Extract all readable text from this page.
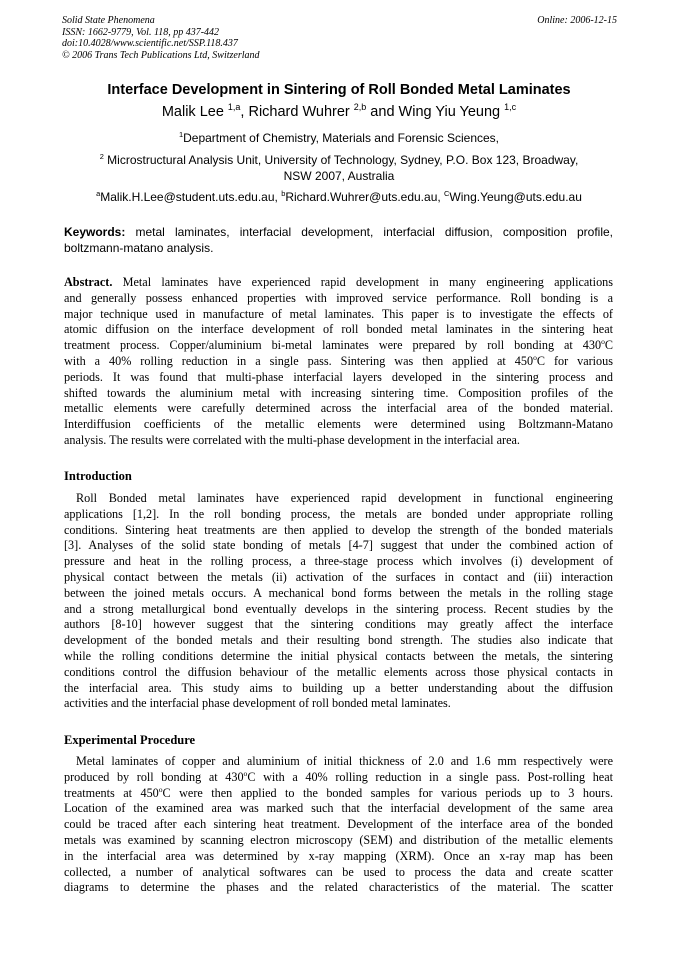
Solid State Phenomena
ISSN: 1662-9779, Vol. 118, pp 437-442
doi:10.4028/www.scientific.net/SSP.118.437
© 2006 Trans Tech Publications Ltd, Switzerland
Online: 2006-12-15
Interface Development in Sintering of Roll Bonded Metal Laminates
Malik Lee $^{1,a}$, Richard Wuhrer $^{2,b}$ and Wing Yiu Yeung $^{1,c}$
$^1$Department of Chemistry, Materials and Forensic Sciences,
$^2$ Microstructural Analysis Unit, University of Technology, Sydney, P.O. Box 123, Broadway,
NSW 2007, Australia
$^a$Malik.H.Lee@student.uts.edu.au, $^b$Richard.Wuhrer@uts.edu.au, $^C$Wing.Yeung@uts.edu.au
Keywords: metal laminates, interfacial development, interfacial diffusion, composition profile,
boltzmann-matano analysis.
Abstract. Metal laminates have experienced rapid development in many engineering applications
and generally possess enhanced properties with improved service performance. Roll bonding is a
major technique used in manufacture of metal laminates. This paper is to investigate the effects of
atomic diffusion on the interface development of roll bonded metal laminates in the sintering heat
treatment process. Copper/aluminium bi-metal laminates were prepared by roll bonding at 430$^o$C
with a 40% rolling reduction in a single pass. Sintering was then applied at 450$^o$C for various
periods. It was found that multi-phase interfacial layers developed in the sintering process and
shifted towards the aluminium metal with increasing sintering time. Composition profiles of the
metallic elements were carefully determined across the interfacial area of the bonded material.
Interdiffusion coefficients of the metallic elements were determined using Boltzmann-Matano
analysis. The results were correlated with the multi-phase development in the interfacial area.
Introduction
Roll Bonded metal laminates have experienced rapid development in functional engineering
applications [1,2]. In the roll bonding process, the metals are bonded under appropriate rolling
conditions. Sintering heat treatments are then applied to develop the strength of the bonded materials
[3]. Analyses of the solid state bonding of metals [4-7] suggest that under the combined action of
pressure and heat in the rolling process, a three-stage process which involves (i) development of
physical contact between the metals (ii) activation of the surfaces in contact and (iii) interaction
between the joined metals occurs. A mechanical bond forms between the metals in the rolling stage
and a strong metallurgical bond eventually develops in the sintering process. Recent studies by the
authors [8-10] however suggest that the sintering conditions may greatly affect the interface
development of the bonded metals and their resulting bond strength. The studies also indicate that
while the rolling conditions determine the initial physical contacts between the metals, the sintering
conditions control the diffusion behaviour of the metallic elements across those physical contacts in
the interfacial area. This study aims to building up a better understanding about the diffusion
activities and the interfacial phase development of roll bonded metal laminates.
Experimental Procedure
Metal laminates of copper and aluminium of initial thickness of 2.0 and 1.6 mm respectively were
produced by roll bonding at 430$^o$C with a 40% rolling reduction in a single pass. Post-rolling heat
treatments at 450$^o$C were then applied to the bonded samples for various periods up to 3 hours.
Location of the examined area was marked such that the interfacial development of the same area
could be traced after each sintering heat treatment. Development of the interface area of the bonded
metals was examined by scanning electron microscopy (SEM) and distribution of the metallic elements
in the interfacial area was determined by x-ray mapping (XRM). Once an x-ray map has been
collected, a number of analytical softwares can be used to process the data and create scatter
diagrams to determine the phases and the related characteristics of the material. The scatter
